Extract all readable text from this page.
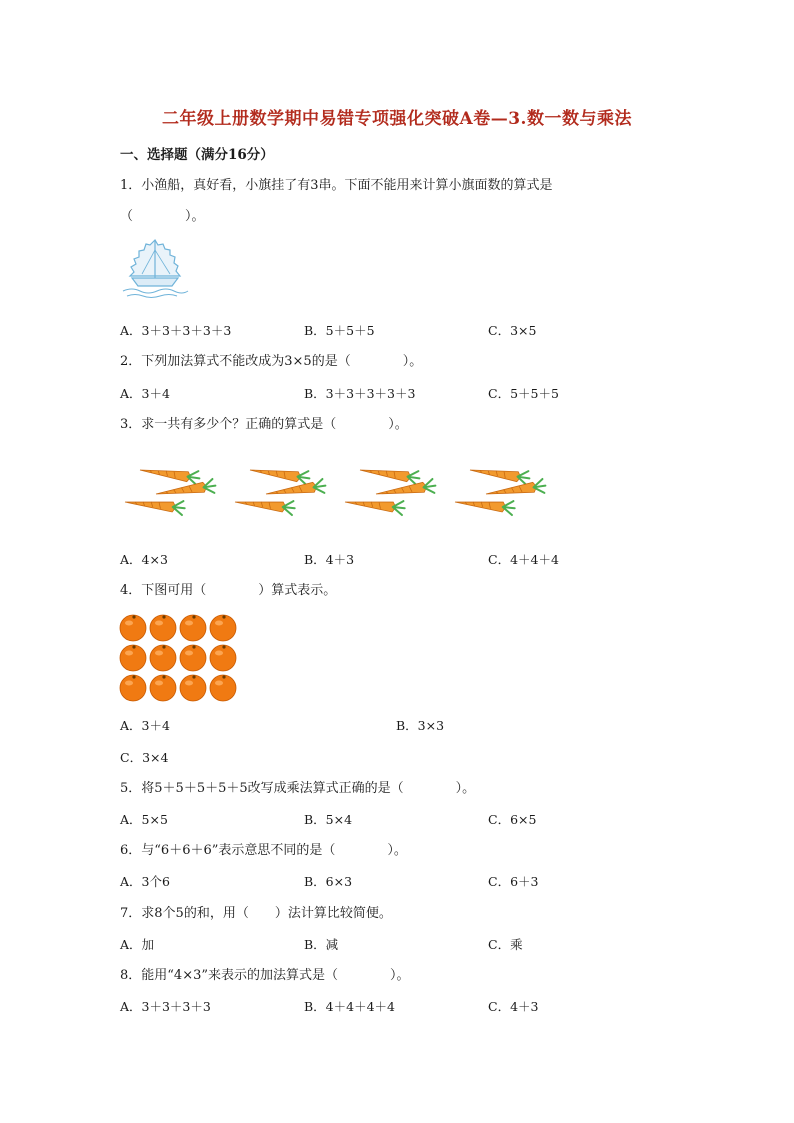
二年级上册数学期中易错专项强化突破A卷—3.数一数与乘法
一、选择题（满分16分）
1．小渔船，真好看，小旗挂了有3串。下面不能用来计算小旗面数的算式是
（　　　　）。
A．3＋3＋3＋3＋3	B．5＋5＋5	C．3×5
2．下列加法算式不能改成为3×5的是（　　　　）。
A．3＋4	B．3＋3＋3＋3＋3	C．5＋5＋5
3．求一共有多少个？正确的算式是（　　　　）。
A．4×3	B．4＋3	C．4＋4＋4
4．下图可用（　　　　）算式表示。
A．3＋4	B．3×3
C．3×4
5．将5＋5＋5＋5＋5改写成乘法算式正确的是（　　　　）。
A．5×5	B．5×4	C．6×5
6．与“6＋6＋6”表示意思不同的是（　　　　）。
A．3个6	B．6×3	C．6＋3
7．求8个5的和，用（　　）法计算比较简便。
A．加	B．减	C．乘
8．能用“4×3”来表示的加法算式是（　　　　）。
A．3＋3＋3＋3	B．4＋4＋4＋4	C．4＋3
